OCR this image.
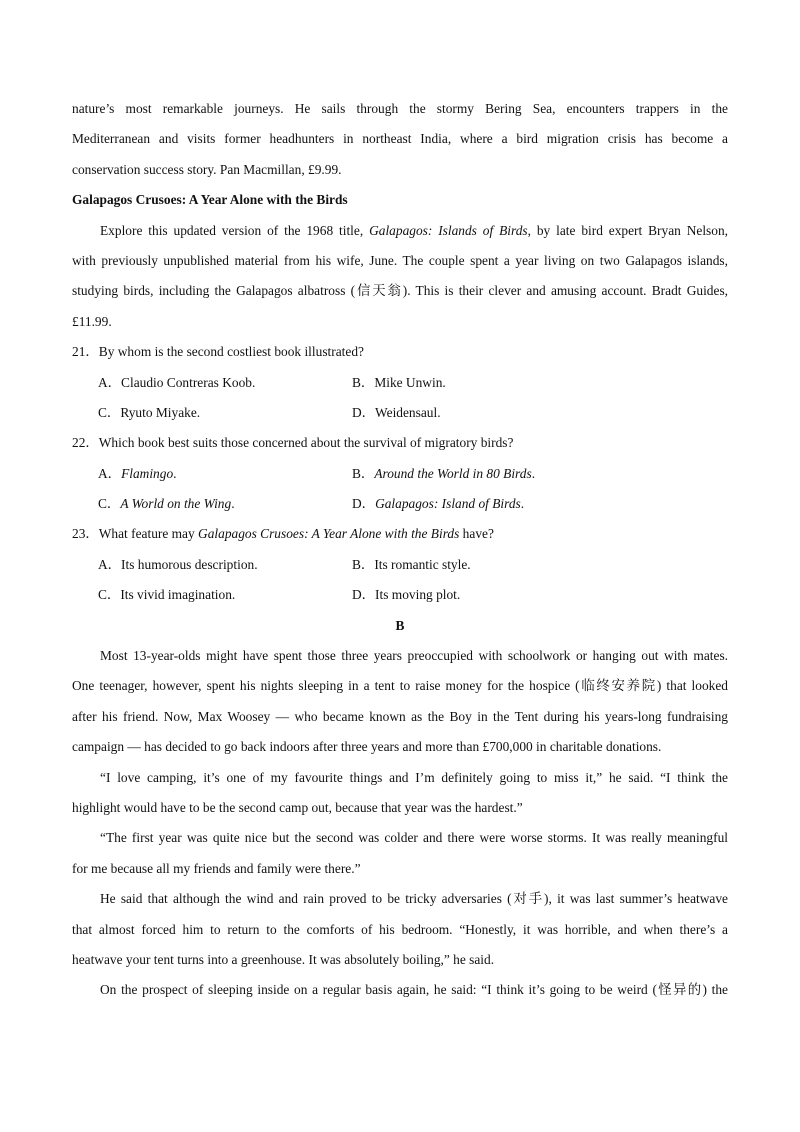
nature’s most remarkable journeys. He sails through the stormy Bering Sea, encounters trappers in the
Mediterranean and visits former headhunters in northeast India, where a bird migration crisis has become a
conservation success story. Pan Macmillan, £9.99.
Galapagos Crusoes: A Year Alone with the Birds
Explore this updated version of the 1968 title, Galapagos: Islands of Birds, by late bird expert Bryan Nelson,
with previously unpublished material from his wife, June. The couple spent a year living on two Galapagos islands,
studying birds, including the Galapagos albatross (信天翁). This is their clever and amusing account. Bradt Guides,
£11.99.
21．By whom is the second costliest book illustrated?
A．Claudio Contreras Koob.	B．Mike Unwin.
C．Ryuto Miyake.	D．Weidensaul.
22．Which book best suits those concerned about the survival of migratory birds?
A．Flamingo.	B．Around the World in 80 Birds.
C．A World on the Wing.	D．Galapagos: Island of Birds.
23．What feature may Galapagos Crusoes: A Year Alone with the Birds have?
A．Its humorous description.	B．Its romantic style.
C．Its vivid imagination.	D．Its moving plot.
B
Most 13-year-olds might have spent those three years preoccupied with schoolwork or hanging out with mates.
One teenager, however, spent his nights sleeping in a tent to raise money for the hospice (临终安养院) that looked
after his friend. Now, Max Woosey — who became known as the Boy in the Tent during his years-long fundraising
campaign — has decided to go back indoors after three years and more than £700,000 in charitable donations.
“I love camping, it’s one of my favourite things and I’m definitely going to miss it,” he said. “I think the
highlight would have to be the second camp out, because that year was the hardest.”
“The first year was quite nice but the second was colder and there were worse storms. It was really meaningful
for me because all my friends and family were there.”
He said that although the wind and rain proved to be tricky adversaries (对手), it was last summer’s heatwave
that almost forced him to return to the comforts of his bedroom. “Honestly, it was horrible, and when there’s a
heatwave your tent turns into a greenhouse. It was absolutely boiling,” he said.
On the prospect of sleeping inside on a regular basis again, he said: “I think it’s going to be weird (怪异的) the
